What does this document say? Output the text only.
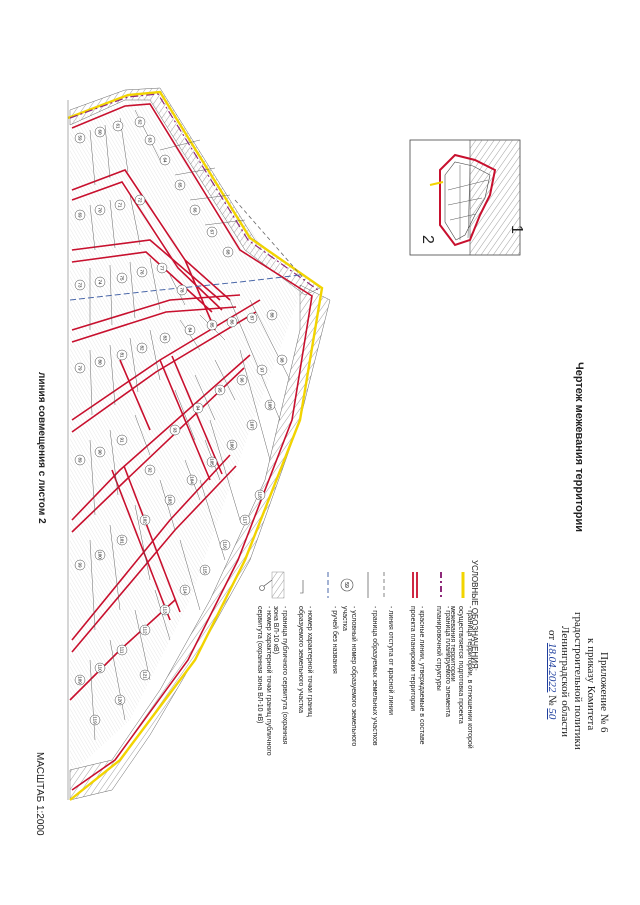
59
60
61
62
63
64
65
66
67
68
69
70
71
72
73
74
75
76
77
78
79
80
81
82
83
84
85
86
87
88
89
90
91
92
93
94
95
96
97
98
99
100
101
102
103
104
105
106
107
108
109
110
111
112
113
114
115
116
117
118
119
120
121
59
Чертеж межевания территории
Приложение № 6
к приказу Комитета
градостроительной политики
Ленинградской области
от 18.04.2022 № 50
УСЛОВНЫЕ ОБОЗНАЧЕНИЯ:
- граница территории, в отношении которой осуществляется подготовка проекта межевания территории
- граница планируемого элемента планировочной структуры
- красные линии, утверждаемые в составе проекта планировки территории
- линия отступа от красной линии
- граница образуемых земельных участков
- условный номер образуемого земельного участка
- ручей без названия
- номер характерной точки границ образуемого земельного участка
- граница публичного сервитута (охранная зона ВЛ-10 кВ)
- номер характерной точки границ публичного сервитута (охранная зона ВЛ-10 кВ)
1
2
линия совмещения с листом 2
МАСШТАБ 1:2000
